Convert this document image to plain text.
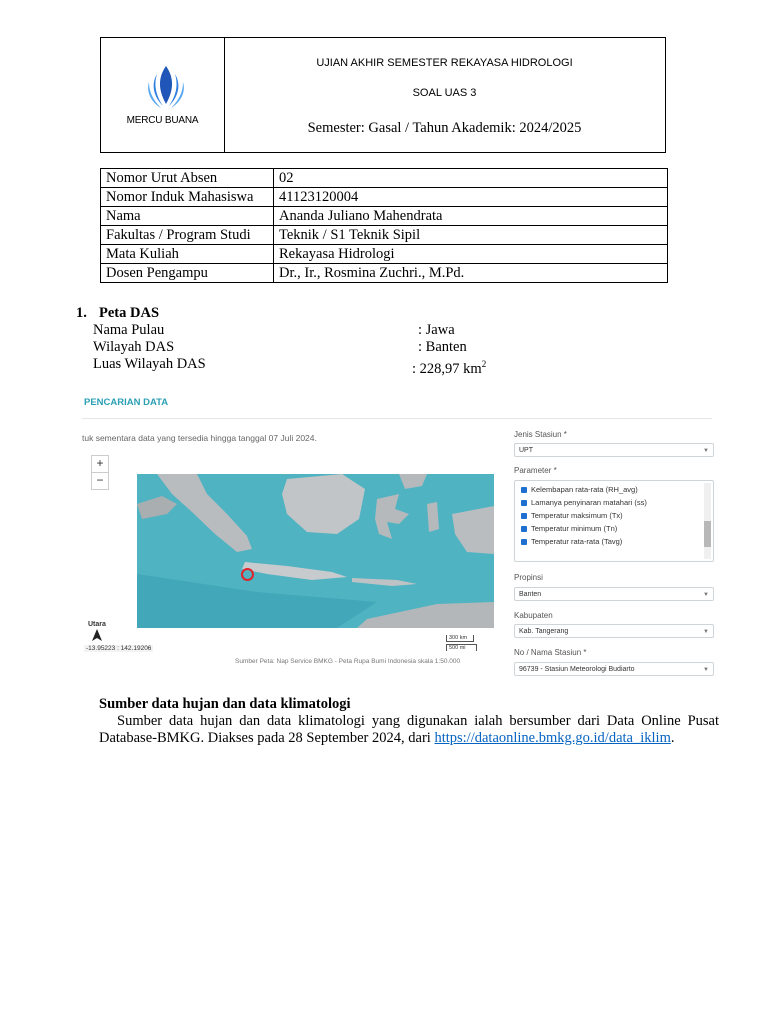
MERCU BUANA
UJIAN AKHIR SEMESTER REKAYASA HIDROLOGI
SOAL UAS 3
Semester: Gasal / Tahun Akademik: 2024/2025
Nomor Urut Absen	02
Nomor Induk Mahasiswa	41123120004
Nama	Ananda Juliano Mahendrata
Fakultas / Program Studi	Teknik / S1 Teknik Sipil
Mata Kuliah	Rekayasa Hidrologi
Dosen Pengampu	Dr., Ir., Rosmina Zuchri., M.Pd.
1. Peta DAS
Nama Pulau	: Jawa
Wilayah DAS	: Banten
Luas Wilayah DAS	: 228,97 $km^2$
PENCARIAN DATA
tuk sementara data yang tersedia hingga tanggal 07 Juli 2024.
+
−
Utara
-13.95223 : 142.19206
300 km
500 mi
Sumber Peta: Nap Service BMKG - Peta Rupa Bumi Indonesia skala 1:50.000
Jenis Stasiun *
UPT	▼
Parameter *
Kelembapan rata-rata (RH_avg)
Lamanya penyinaran matahari (ss)
Temperatur maksimum (Tx)
Temperatur minimum (Tn)
Temperatur rata-rata (Tavg)
Propinsi
Banten	▼
Kabupaten
Kab. Tangerang	▼
No / Nama Stasiun *
96739 - Stasiun Meteorologi Budiarto	▼
Sumber data hujan dan data klimatologi
Sumber data hujan dan data klimatologi yang digunakan ialah bersumber dari Data Online Pusat Database-BMKG. Diakses pada 28 September 2024, dari https://dataonline.bmkg.go.id/data_iklim.
